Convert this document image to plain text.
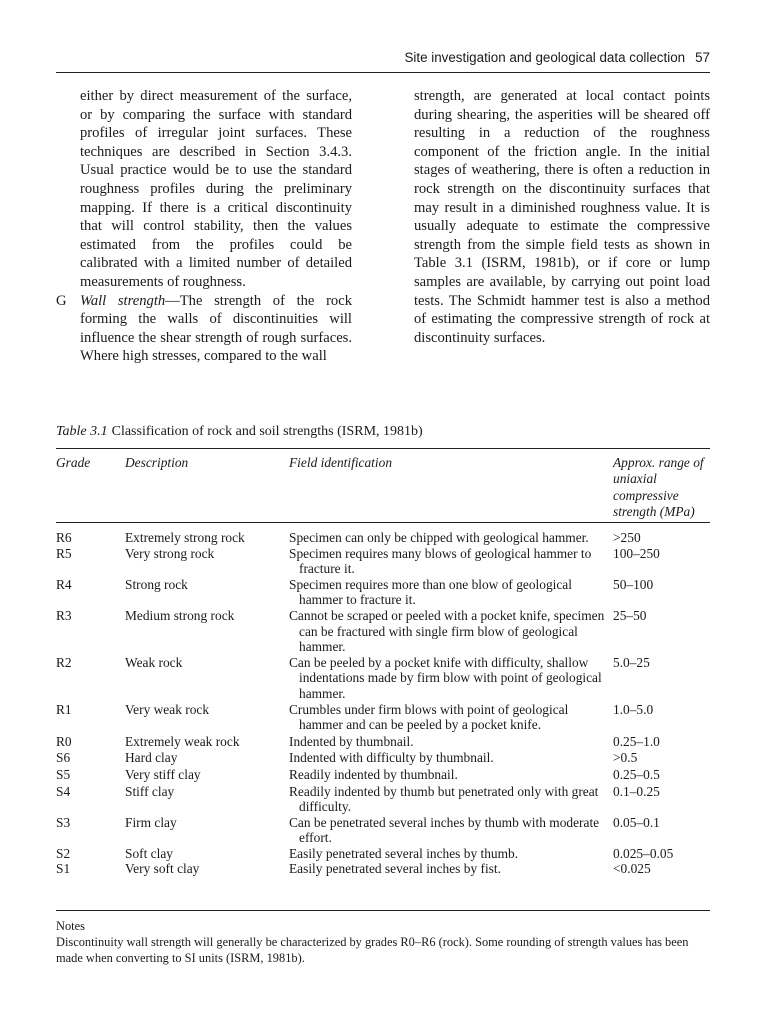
Site investigation and geological data collection 57

either by direct measurement of the surface, or by comparing the surface with standard profiles of irregular joint surfaces. These techniques are described in Section 3.4.3. Usual practice would be to use the standard roughness profiles during the preliminary mapping. If there is a critical discontinuity that will control stability, then the values estimated from the profiles could be calibrated with a limited number of detailed measurements of roughness.

G Wall strength—The strength of the rock forming the walls of discontinuities will influence the shear strength of rough surfaces. Where high stresses, compared to the wall

strength, are generated at local contact points during shearing, the asperities will be sheared off resulting in a reduction of the roughness component of the friction angle. In the initial stages of weathering, there is often a reduction in rock strength on the discontinuity surfaces that may result in a diminished roughness value. It is usually adequate to estimate the compressive strength from the simple field tests as shown in Table 3.1 (ISRM, 1981b), or if core or lump samples are available, by carrying out point load tests. The Schmidt hammer test is also a method of estimating the compressive strength of rock at discontinuity surfaces.

Table 3.1 Classification of rock and soil strengths (ISRM, 1981b)
Grade	Description	Field identification	Approx. range of uniaxial compressive strength (MPa)
R6	Extremely strong rock	Specimen can only be chipped with geological hammer.	>250

R5	Very strong rock	Specimen requires many blows of geological hammer to fracture it.	100–250

R4	Strong rock	Specimen requires more than one blow of geological hammer to fracture it.	50–100

R3	Medium strong rock	Cannot be scraped or peeled with a pocket knife, specimen can be fractured with single firm blow of geological hammer.	25–50

R2	Weak rock	Can be peeled by a pocket knife with difficulty, shallow indentations made by firm blow with point of geological hammer.	5.0–25

R1	Very weak rock	Crumbles under firm blows with point of geological hammer and can be peeled by a pocket knife.	1.0–5.0

R0	Extremely weak rock	Indented by thumbnail.	0.25–1.0

S6	Hard clay	Indented with difficulty by thumbnail.	>0.5

S5	Very stiff clay	Readily indented by thumbnail.	0.25–0.5

S4	Stiff clay	Readily indented by thumb but penetrated only with great difficulty.	0.1–0.25

S3	Firm clay	Can be penetrated several inches by thumb with moderate effort.	0.05–0.1

S2	Soft clay	Easily penetrated several inches by thumb.	0.025–0.05

S1	Very soft clay	Easily penetrated several inches by fist.	<0.025

Notes

Discontinuity wall strength will generally be characterized by grades R0–R6 (rock). Some rounding of strength values has been made when converting to SI units (ISRM, 1981b).
